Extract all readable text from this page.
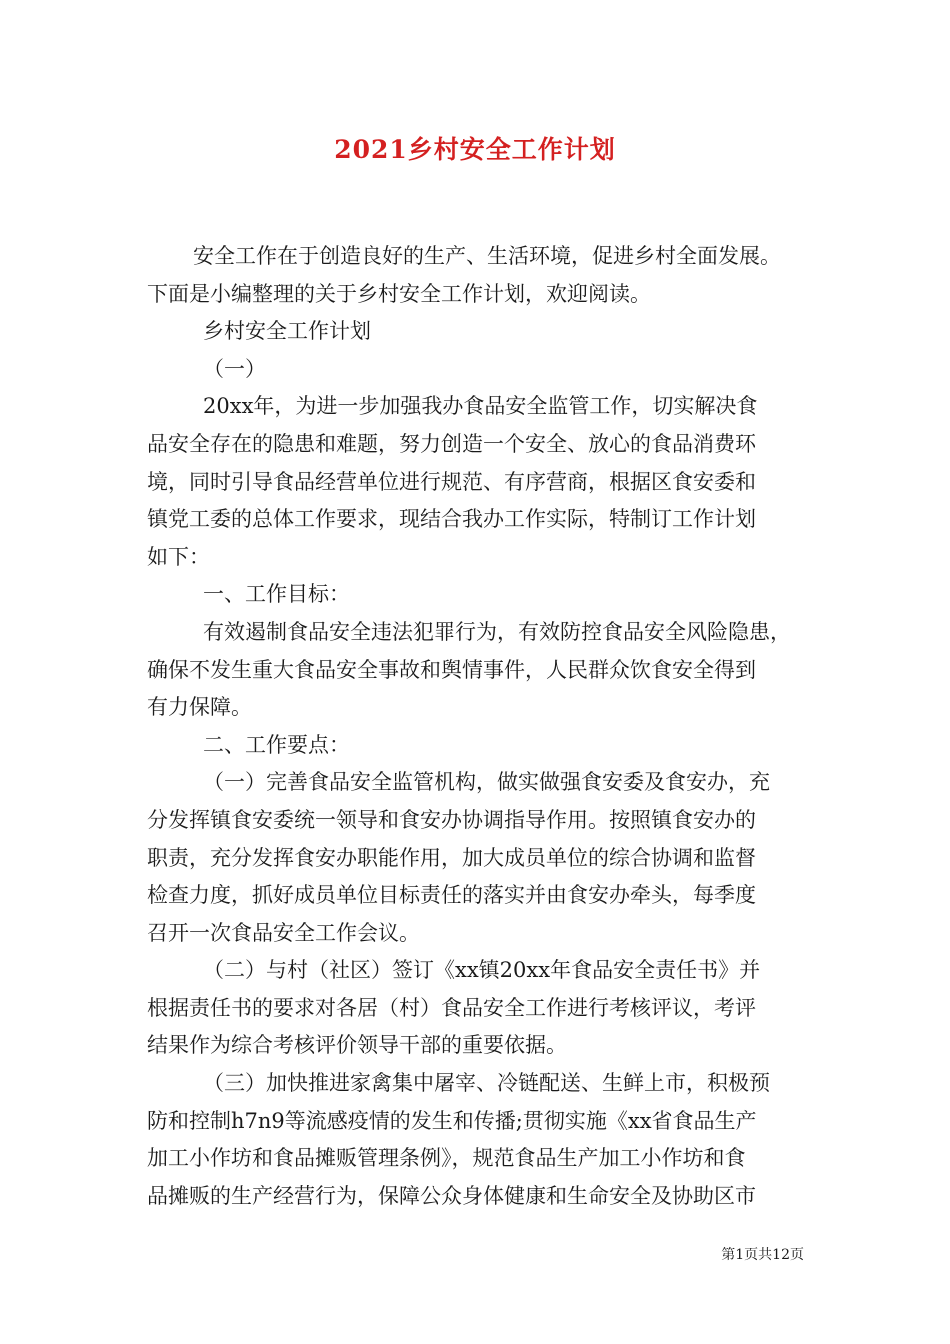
2021乡村安全工作计划
安全工作在于创造良好的生产、生活环境，促进乡村全面发展。
下面是小编整理的关于乡村安全工作计划，欢迎阅读。
乡村安全工作计划
（一）
20xx年，为进一步加强我办食品安全监管工作，切实解决食
品安全存在的隐患和难题，努力创造一个安全、放心的食品消费环
境，同时引导食品经营单位进行规范、有序营商，根据区食安委和
镇党工委的总体工作要求，现结合我办工作实际，特制订工作计划
如下：
一、工作目标：
有效遏制食品安全违法犯罪行为，有效防控食品安全风险隐患，
确保不发生重大食品安全事故和舆情事件，人民群众饮食安全得到
有力保障。
二、工作要点：
（一）完善食品安全监管机构，做实做强食安委及食安办，充
分发挥镇食安委统一领导和食安办协调指导作用。按照镇食安办的
职责，充分发挥食安办职能作用，加大成员单位的综合协调和监督
检查力度，抓好成员单位目标责任的落实并由食安办牵头，每季度
召开一次食品安全工作会议。
（二）与村（社区）签订《xx镇20xx年食品安全责任书》并
根据责任书的要求对各居（村）食品安全工作进行考核评议，考评
结果作为综合考核评价领导干部的重要依据。
（三）加快推进家禽集中屠宰、冷链配送、生鲜上市，积极预
防和控制h7n9等流感疫情的发生和传播;贯彻实施《xx省食品生产
加工小作坊和食品摊贩管理条例》，规范食品生产加工小作坊和食
品摊贩的生产经营行为，保障公众身体健康和生命安全及协助区市
第1页共12页
